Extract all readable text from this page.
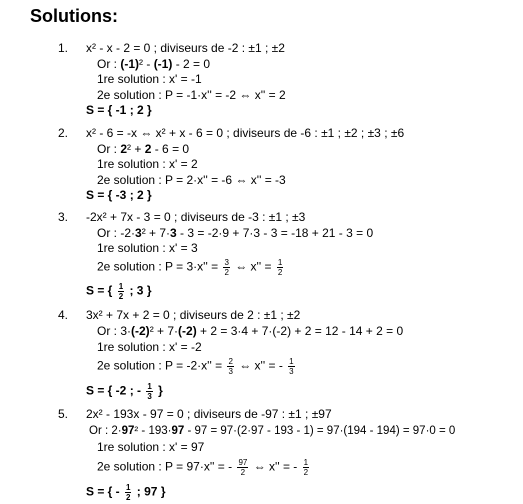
Solutions:
1. x² - x - 2 = 0 ; diviseurs de -2 : ±1 ; ±2
Or : (-1)² - (-1) - 2 = 0
1re solution : x' = -1
2e solution : P = -1·x'' = -2 ⇔ x'' = 2
S = { -1 ; 2 }
2. x² - 6 = -x ⇔ x² + x - 6 = 0 ; diviseurs de -6 : ±1 ; ±2 ; ±3 ; ±6
Or : 2² + 2 - 6 = 0
1re solution : x' = 2
2e solution : P = 2·x'' = -6 ⇔ x'' = -3
S = { -3 ; 2 }
3. -2x² + 7x - 3 = 0 ; diviseurs de -3 : ±1 ; ±3
Or : -2·3² + 7·3 - 3 = -2·9 + 7·3 - 3 = -18 + 21 - 3 = 0
1re solution : x' = 3
2e solution : $P = 3\cdot x'' = \frac{3}{2}$ ⇔ $x'' = \frac{1}{2}$
S = { $\frac{1}{2}$ ; 3 }
4. 3x² + 7x + 2 = 0 ; diviseurs de 2 : ±1 ; ±2
Or : 3·(-2)² + 7·(-2) + 2 = 3·4 + 7·(-2) + 2 = 12 - 14 + 2 = 0
1re solution : x' = -2
2e solution : $P = -2\cdot x'' = \frac{2}{3}$ ⇔ x'' = - $\frac{1}{3}$
S = { -2 ; - $\frac{1}{3}$ }
5. 2x² - 193x - 97 = 0 ; diviseurs de -97 : ±1 ; ±97
Or : 2·97² - 193·97 - 97 = 97·(2·97 - 193 - 1) = 97·(194 - 194) = 97·0 = 0
1re solution : x' = 97
2e solution : P = 97·x'' = - $\frac{97}{2}$ ⇔ x'' = - $\frac{1}{2}$
S = { - $\frac{1}{2}$ ; 97 }
